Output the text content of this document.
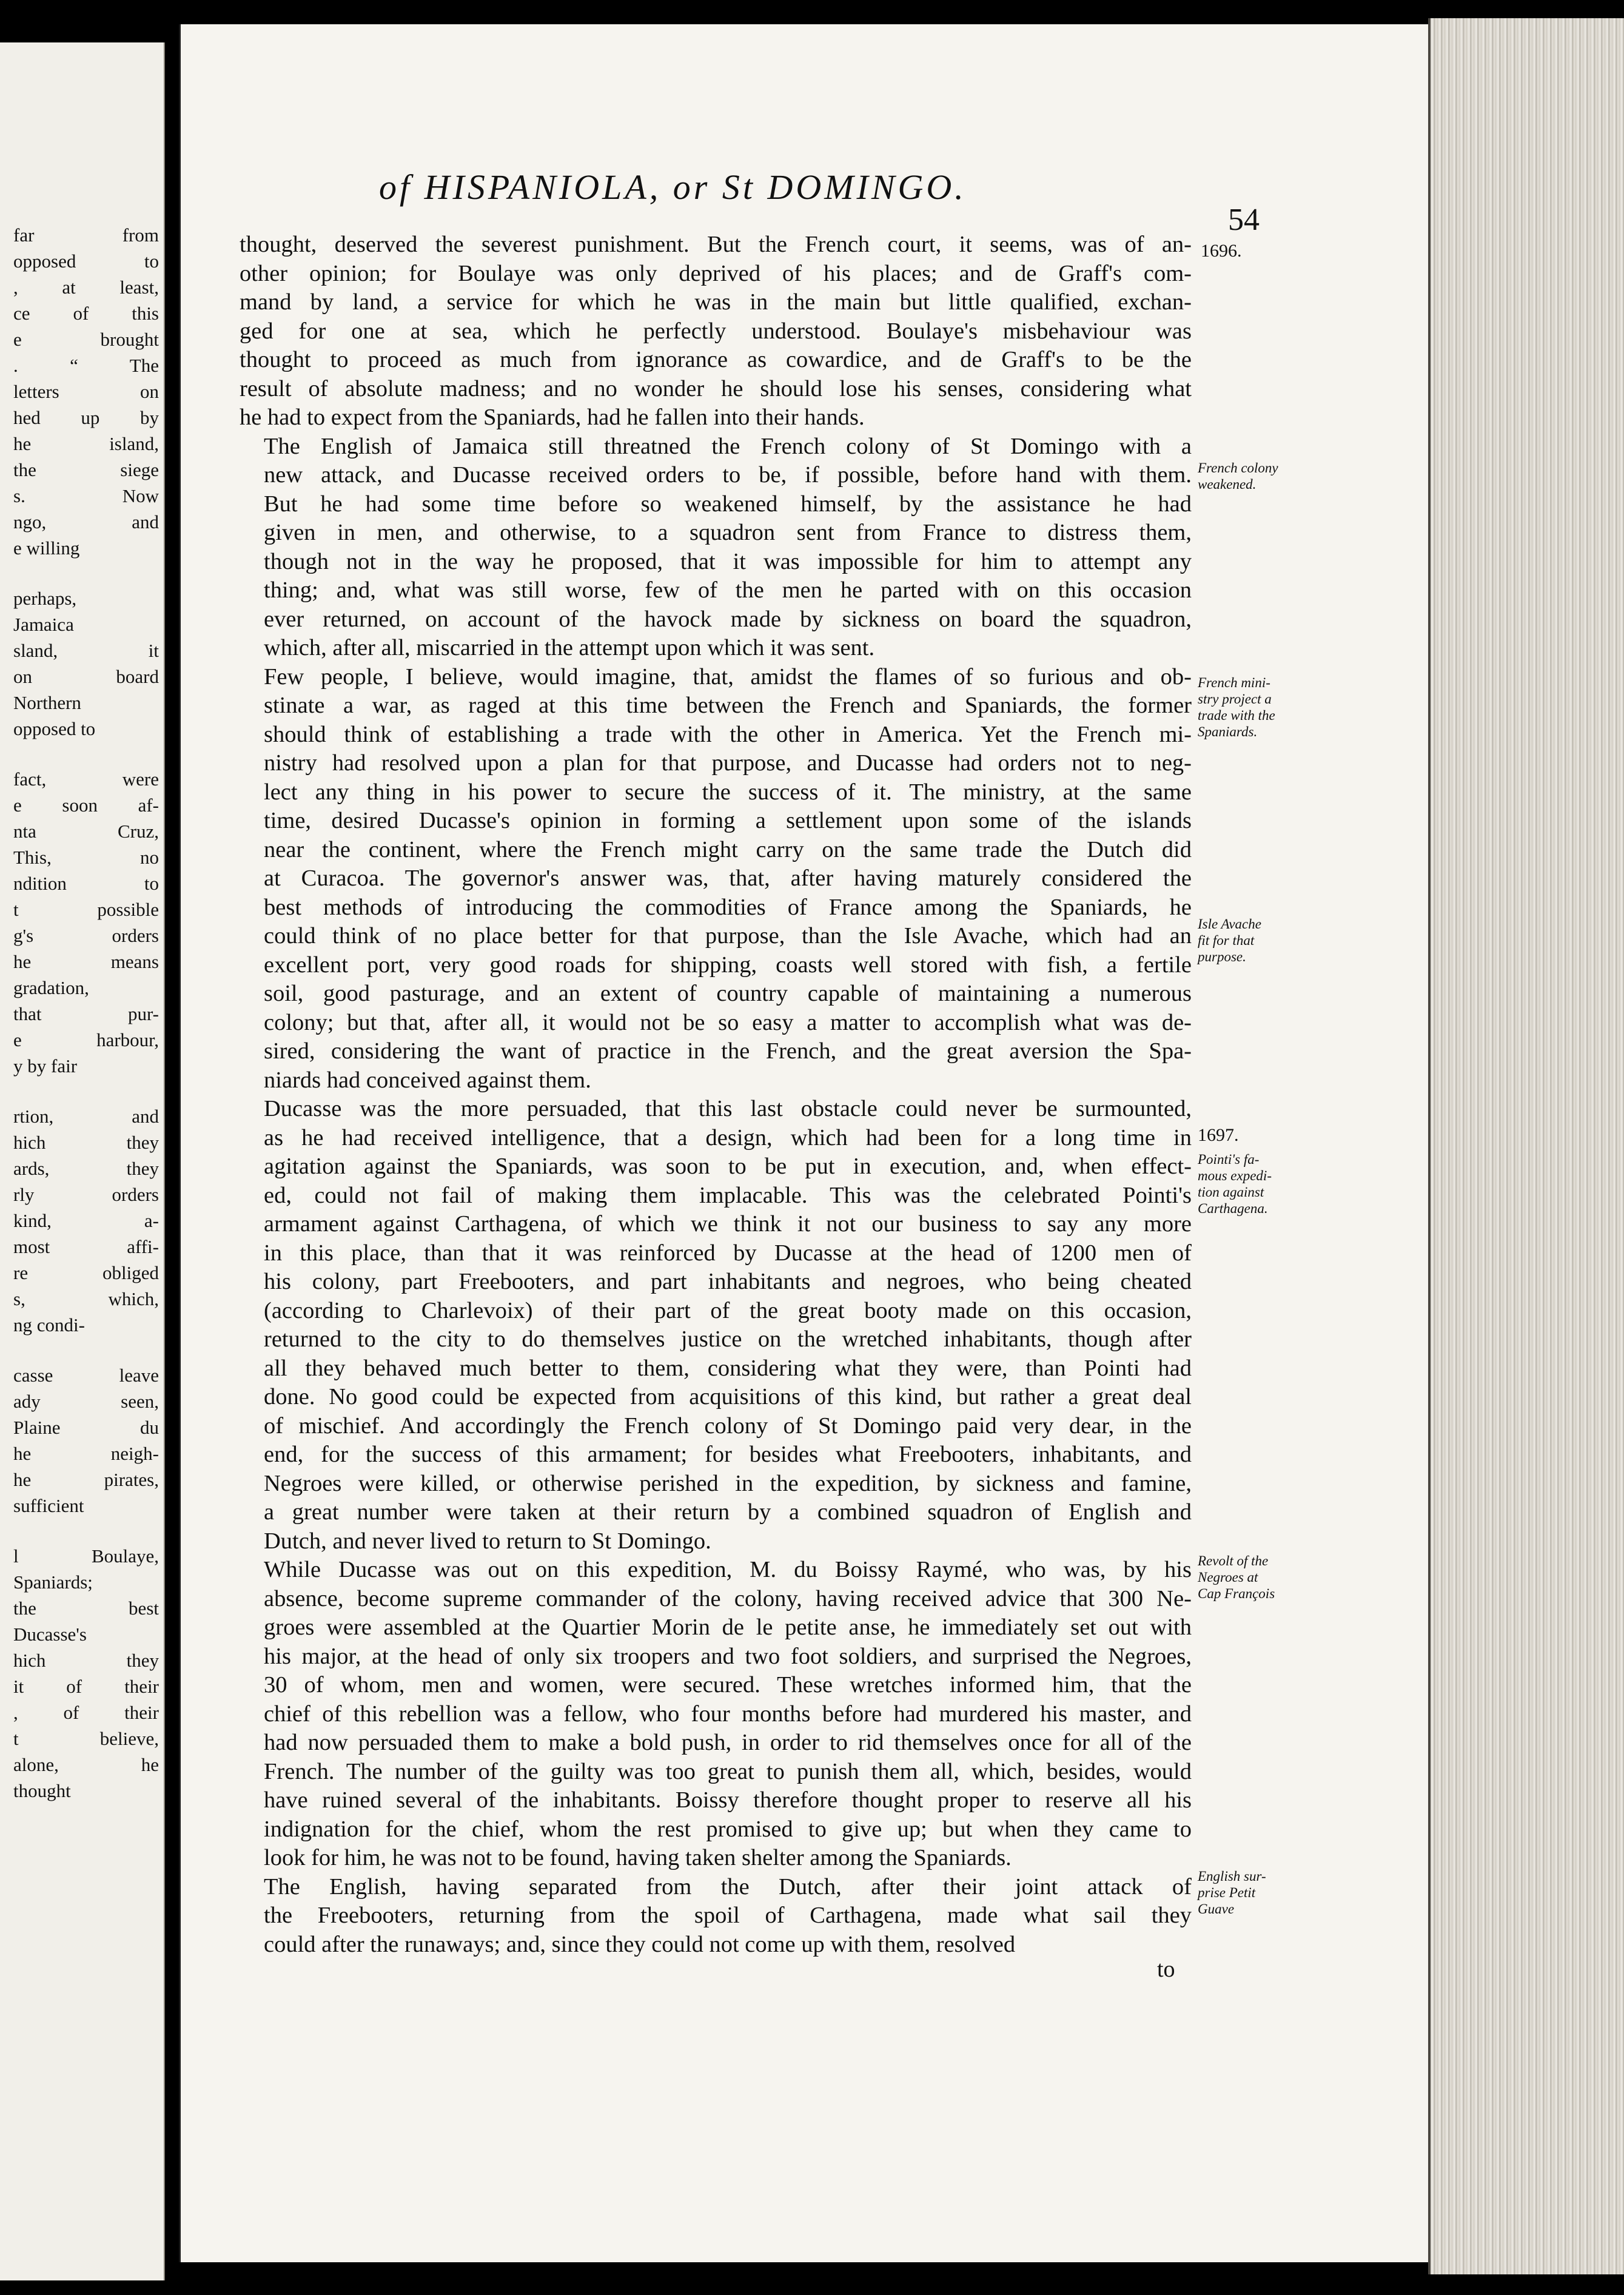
far from
opposed to
, at least,
ce of this
e brought
. “ The
letters on
hed up by
he island,
the siege
s. Now
ngo, and
e willing
perhaps,
Jamaica
sland, it
on board
Northern
opposed to
fact, were
e soon af-
nta Cruz,
This, no
ndition to
t possible
g's orders
he means
gradation,
that pur-
e harbour,
y by fair
rtion, and
hich they
ards, they
rly orders
kind, a-
most affi-
re obliged
s, which,
ng condi-
casse leave
ady seen,
Plaine du
he neigh-
he pirates,
sufficient
l Boulaye,
Spaniards;
the best
Ducasse's
hich they
it of their
, of their
t believe,
alone, he
thought
of HISPANIOLA, or St DOMINGO.
54

thought, deserved the severest punishment. But the French court, it seems, was of an-
other opinion; for Boulaye was only deprived of his places; and de Graff's com-
mand by land, a service for which he was in the main but little qualified, exchan-
ged for one at sea, which he perfectly understood. Boulaye's misbehaviour was
thought to proceed as much from ignorance as cowardice, and de Graff's to be the
result of absolute madness; and no wonder he should lose his senses, considering what
he had to expect from the Spaniards, had he fallen into their hands.

The English of Jamaica still threatned the French colony of St Domingo with a
new attack, and Ducasse received orders to be, if possible, before hand with them.
But he had some time before so weakened himself, by the assistance he had
given in men, and otherwise, to a squadron sent from France to distress them,
though not in the way he proposed, that it was impossible for him to attempt any
thing; and, what was still worse, few of the men he parted with on this occasion
ever returned, on account of the havock made by sickness on board the squadron,
which, after all, miscarried in the attempt upon which it was sent.

Few people, I believe, would imagine, that, amidst the flames of so furious and ob-
stinate a war, as raged at this time between the French and Spaniards, the former
should think of establishing a trade with the other in America. Yet the French mi-
nistry had resolved upon a plan for that purpose, and Ducasse had orders not to neg-
lect any thing in his power to secure the success of it. The ministry, at the same
time, desired Ducasse's opinion in forming a settlement upon some of the islands
near the continent, where the French might carry on the same trade the Dutch did
at Curacoa. The governor's answer was, that, after having maturely considered the
best methods of introducing the commodities of France among the Spaniards, he
could think of no place better for that purpose, than the Isle Avache, which had an
excellent port, very good roads for shipping, coasts well stored with fish, a fertile
soil, good pasturage, and an extent of country capable of maintaining a numerous
colony; but that, after all, it would not be so easy a matter to accomplish what was de-
sired, considering the want of practice in the French, and the great aversion the Spa-
niards had conceived against them.

Ducasse was the more persuaded, that this last obstacle could never be surmounted,
as he had received intelligence, that a design, which had been for a long time in
agitation against the Spaniards, was soon to be put in execution, and, when effect-
ed, could not fail of making them implacable. This was the celebrated Pointi's
armament against Carthagena, of which we think it not our business to say any more
in this place, than that it was reinforced by Ducasse at the head of 1200 men of
his colony, part Freebooters, and part inhabitants and negroes, who being cheated
(according to Charlevoix) of their part of the great booty made on this occasion,
returned to the city to do themselves justice on the wretched inhabitants, though after
all they behaved much better to them, considering what they were, than Pointi had
done. No good could be expected from acquisitions of this kind, but rather a great deal
of mischief. And accordingly the French colony of St Domingo paid very dear, in the
end, for the success of this armament; for besides what Freebooters, inhabitants, and
Negroes were killed, or otherwise perished in the expedition, by sickness and famine,
a great number were taken at their return by a combined squadron of English and
Dutch, and never lived to return to St Domingo.

While Ducasse was out on this expedition, M. du Boissy Raymé, who was, by his
absence, become supreme commander of the colony, having received advice that 300 Ne-
groes were assembled at the Quartier Morin de le petite anse, he immediately set out with
his major, at the head of only six troopers and two foot soldiers, and surprised the Negroes,
30 of whom, men and women, were secured. These wretches informed him, that the
chief of this rebellion was a fellow, who four months before had murdered his master, and
had now persuaded them to make a bold push, in order to rid themselves once for all of the
French. The number of the guilty was too great to punish them all, which, besides, would
have ruined several of the inhabitants. Boissy therefore thought proper to reserve all his
indignation for the chief, whom the rest promised to give up; but when they came to
look for him, he was not to be found, having taken shelter among the Spaniards.

The English, having separated from the Dutch, after their joint attack of
the Freebooters, returning from the spoil of Carthagena, made what sail they
could after the runaways; and, since they could not come up with them, resolved

to
1696.
French colony
weakened.
French mini-
stry project a
trade with the
Spaniards.
Isle Avache
fit for that
purpose.
1697.
Pointi's fa-
mous expedi-
tion against
Carthagena.
Revolt of the
Negroes at
Cap François
English sur-
prise Petit
Guave
